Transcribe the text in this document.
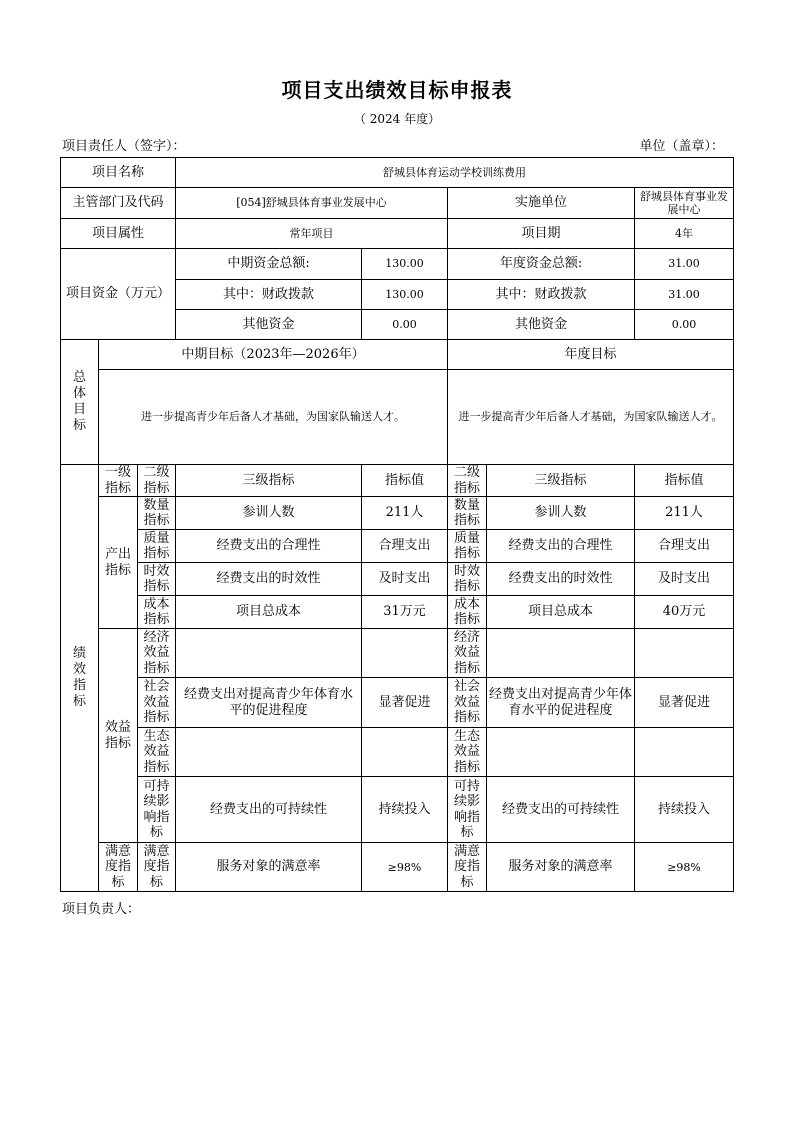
项目支出绩效目标申报表
（ 2024 年度）
项目责任人（签字）：	单位（盖章）：
项目名称			舒城县体育运动学校训练费用				
主管部门及代码			[054]舒城县体育事业发展中心		实施单位		舒城县体育事业发展中心
项目属性			常年项目		项目期		4年
项目资金（万元）			中期资金总额:	130.00	年度资金总额:		31.00
			其中：财政拨款	130.00	其中：财政拨款		31.00
			其他资金	0.00	其他资金		0.00
总体目标	中期目标（2023年—2026年）				年度目标		
	进一步提高青少年后备人才基础，为国家队输送人才。				进一步提高青少年后备人才基础，为国家队输送人才。		
绩效指标	一级指标	二级指标	三级指标	指标值	二级指标	三级指标	指标值
	产出指标	数量指标	参训人数	211人	数量指标	参训人数	211人
		质量指标	经费支出的合理性	合理支出	质量指标	经费支出的合理性	合理支出
		时效指标	经费支出的时效性	及时支出	时效指标	经费支出的时效性	及时支出
		成本指标	项目总成本	31万元	成本指标	项目总成本	40万元
	效益指标	经济效益指标			经济效益指标		
		社会效益指标	经费支出对提高青少年体育水平的促进程度	显著促进	社会效益指标	经费支出对提高青少年体育水平的促进程度	显著促进
		生态效益指标			生态效益指标		
		可持续影响指标	经费支出的可持续性	持续投入	可持续影响指标	经费支出的可持续性	持续投入
	满意度指标	满意度指标	服务对象的满意率	≥98%	满意度指标	服务对象的满意率	≥98%
项目负责人：
